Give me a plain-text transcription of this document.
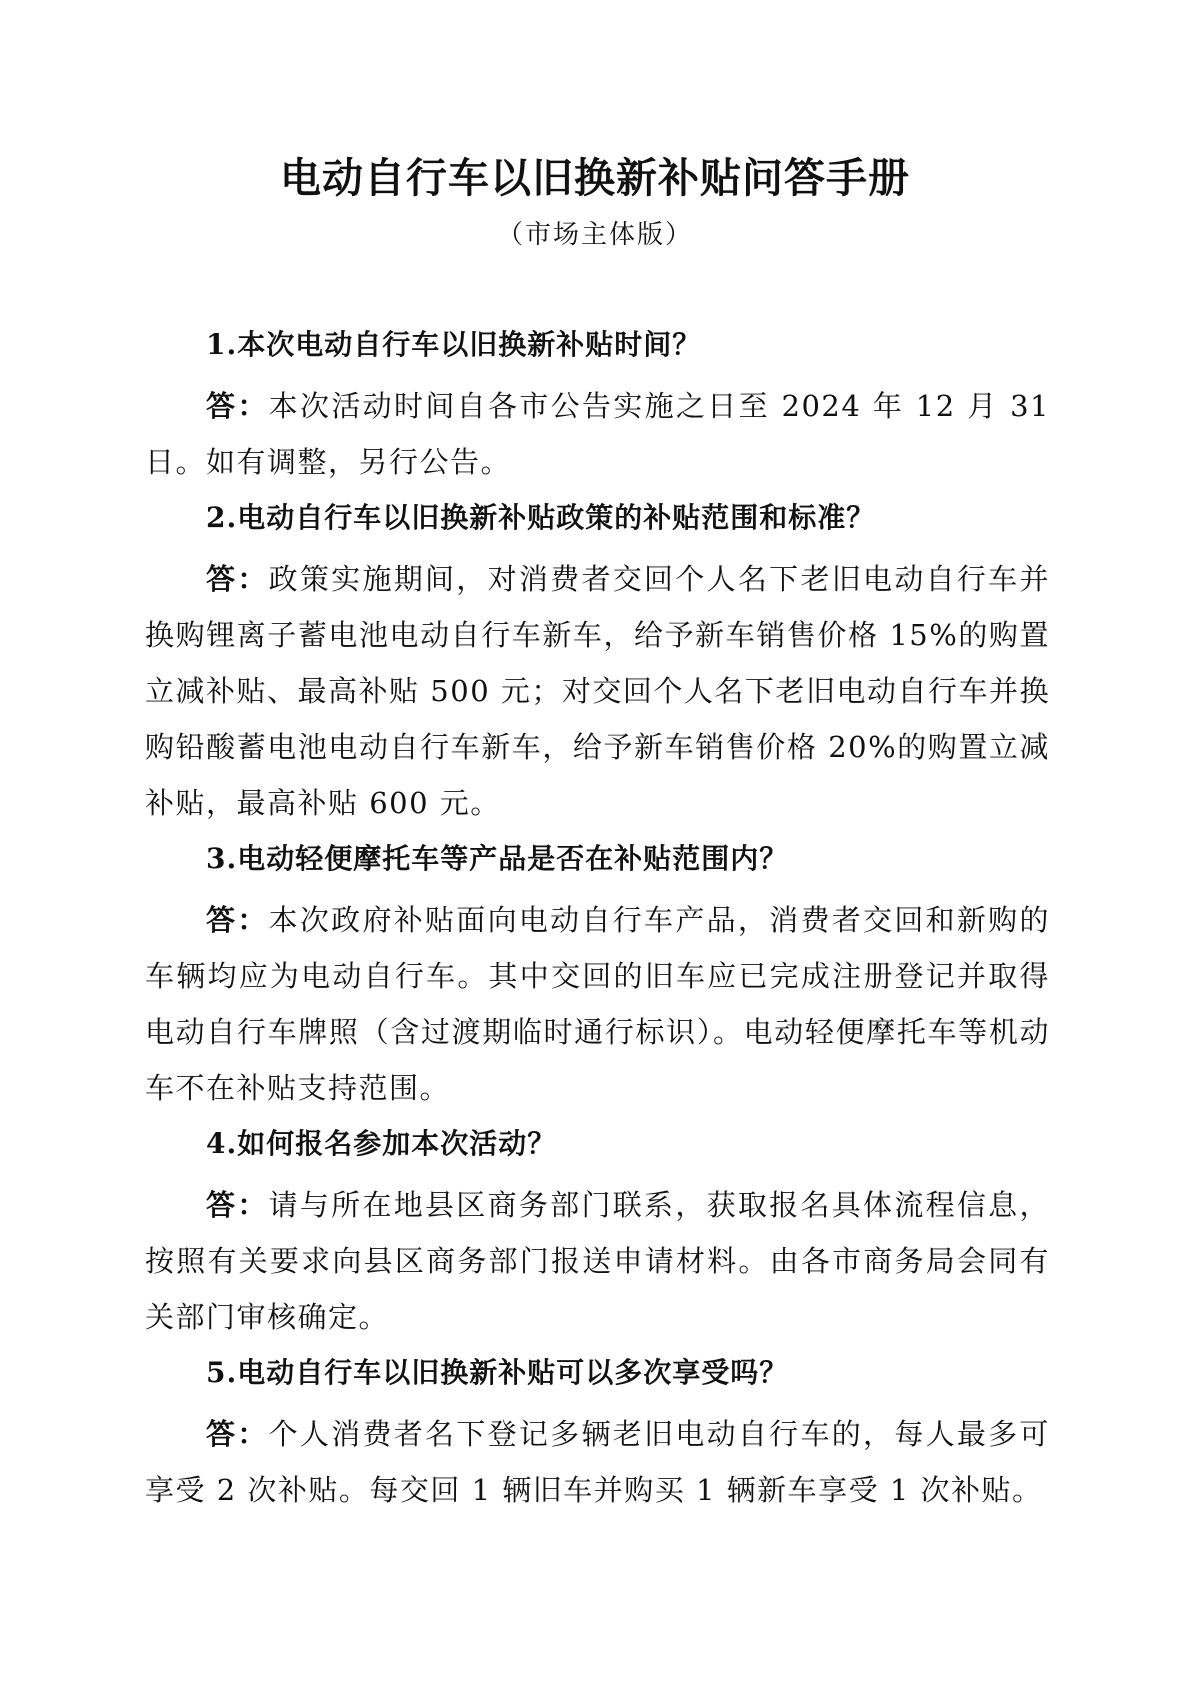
电动自行车以旧换新补贴问答手册

（市场主体版）

1.本次电动自行车以旧换新补贴时间？

答：本次活动时间自各市公告实施之日至 2024 年 12 月 31 日。如有调整，另行公告。

2.电动自行车以旧换新补贴政策的补贴范围和标准？

答：政策实施期间，对消费者交回个人名下老旧电动自行车并换购锂离子蓄电池电动自行车新车，给予新车销售价格 15%的购置立减补贴、最高补贴 500 元；对交回个人名下老旧电动自行车并换购铅酸蓄电池电动自行车新车，给予新车销售价格 20%的购置立减补贴，最高补贴 600 元。

3.电动轻便摩托车等产品是否在补贴范围内？

答：本次政府补贴面向电动自行车产品，消费者交回和新购的车辆均应为电动自行车。其中交回的旧车应已完成注册登记并取得电动自行车牌照（含过渡期临时通行标识）。电动轻便摩托车等机动车不在补贴支持范围。

4.如何报名参加本次活动？

答：请与所在地县区商务部门联系，获取报名具体流程信息，按照有关要求向县区商务部门报送申请材料。由各市商务局会同有关部门审核确定。

5.电动自行车以旧换新补贴可以多次享受吗？

答：个人消费者名下登记多辆老旧电动自行车的，每人最多可享受 2 次补贴。每交回 1 辆旧车并购买 1 辆新车享受 1 次补贴。
